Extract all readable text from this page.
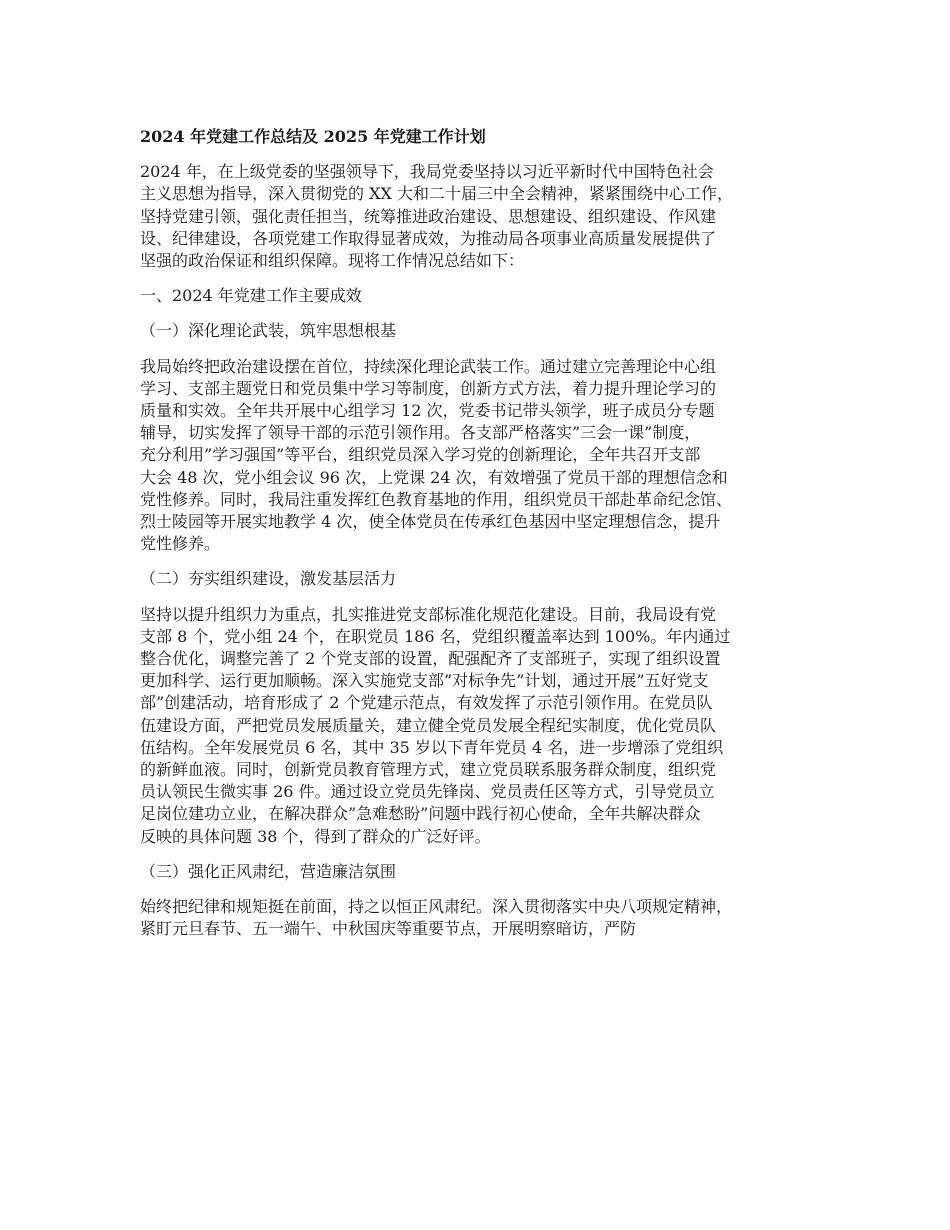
2024 年党建工作总结及 2025 年党建工作计划

2024 年，在上级党委的坚强领导下，我局党委坚持以习近平新时代中国特色社会
主义思想为指导，深入贯彻党的 XX 大和二十届三中全会精神，紧紧围绕中心工作，
坚持党建引领，强化责任担当，统筹推进政治建设、思想建设、组织建设、作风建
设、纪律建设，各项党建工作取得显著成效，为推动局各项事业高质量发展提供了
坚强的政治保证和组织保障。现将工作情况总结如下：

一、2024 年党建工作主要成效

（一）深化理论武装，筑牢思想根基

我局始终把政治建设摆在首位，持续深化理论武装工作。通过建立完善理论中心组
学习、支部主题党日和党员集中学习等制度，创新方式方法，着力提升理论学习的
质量和实效。全年共开展中心组学习 12 次，党委书记带头领学，班子成员分专题
辅导，切实发挥了领导干部的示范引领作用。各支部严格落实”三会一课”制度，
充分利用”学习强国”等平台，组织党员深入学习党的创新理论，全年共召开支部
大会 48 次，党小组会议 96 次，上党课 24 次，有效增强了党员干部的理想信念和
党性修养。同时，我局注重发挥红色教育基地的作用，组织党员干部赴革命纪念馆、
烈士陵园等开展实地教学 4 次，使全体党员在传承红色基因中坚定理想信念，提升
党性修养。

（二）夯实组织建设，激发基层活力

坚持以提升组织力为重点，扎实推进党支部标准化规范化建设。目前，我局设有党
支部 8 个，党小组 24 个，在职党员 186 名，党组织覆盖率达到 100%。年内通过
整合优化，调整完善了 2 个党支部的设置，配强配齐了支部班子，实现了组织设置
更加科学、运行更加顺畅。深入实施党支部”对标争先”计划，通过开展”五好党支
部”创建活动，培育形成了 2 个党建示范点，有效发挥了示范引领作用。在党员队
伍建设方面，严把党员发展质量关，建立健全党员发展全程纪实制度，优化党员队
伍结构。全年发展党员 6 名，其中 35 岁以下青年党员 4 名，进一步增添了党组织
的新鲜血液。同时，创新党员教育管理方式，建立党员联系服务群众制度，组织党
员认领民生微实事 26 件。通过设立党员先锋岗、党员责任区等方式，引导党员立
足岗位建功立业，在解决群众”急难愁盼”问题中践行初心使命，全年共解决群众
反映的具体问题 38 个，得到了群众的广泛好评。

（三）强化正风肃纪，营造廉洁氛围

始终把纪律和规矩挺在前面，持之以恒正风肃纪。深入贯彻落实中央八项规定精神，
紧盯元旦春节、五一端午、中秋国庆等重要节点，开展明察暗访，严防
